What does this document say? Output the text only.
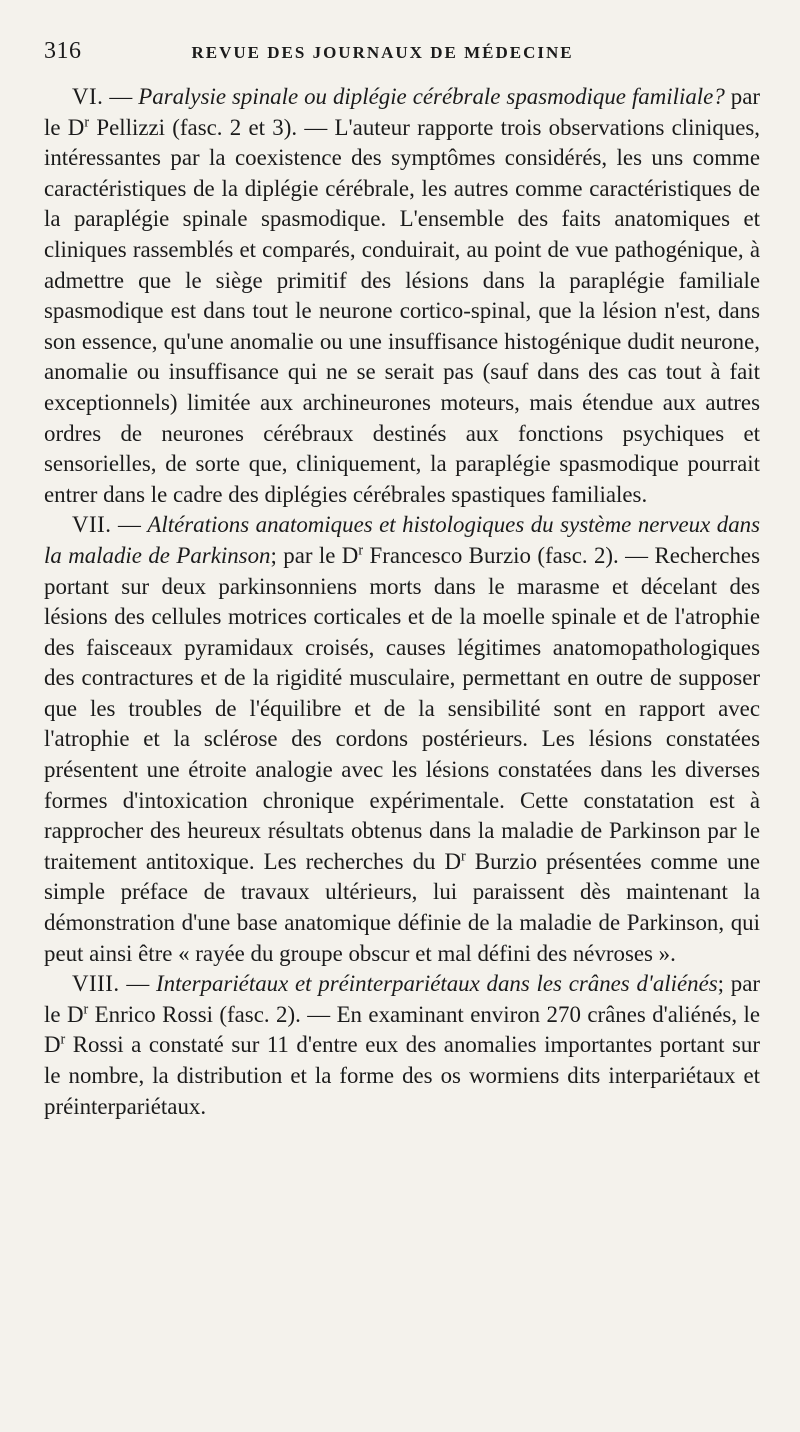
316	REVUE DES JOURNAUX DE MÉDECINE

VI. — Paralysie spinale ou diplégie cérébrale spasmodique familiale? par le $D^r$ Pellizzi (fasc. 2 et 3). — L'auteur rapporte trois observations cliniques, intéressantes par la coexistence des symptômes considérés, les uns comme caractéristiques de la diplégie cérébrale, les autres comme caractéristiques de la paraplégie spinale spasmodique. L'ensemble des faits anatomiques et cliniques rassemblés et comparés, conduirait, au point de vue pathogénique, à admettre que le siège primitif des lésions dans la paraplégie familiale spasmodique est dans tout le neurone cortico-spinal, que la lésion n'est, dans son essence, qu'une anomalie ou une insuffisance histogénique dudit neurone, anomalie ou insuffisance qui ne se serait pas (sauf dans des cas tout à fait exceptionnels) limitée aux archineurones moteurs, mais étendue aux autres ordres de neurones cérébraux destinés aux fonctions psychiques et sensorielles, de sorte que, cliniquement, la paraplégie spasmodique pourrait entrer dans le cadre des diplégies cérébrales spastiques familiales.

VII. — Altérations anatomiques et histologiques du système nerveux dans la maladie de Parkinson; par le $D^r$ Francesco Burzio (fasc. 2). — Recherches portant sur deux parkinsonniens morts dans le marasme et décelant des lésions des cellules motrices corticales et de la moelle spinale et de l'atrophie des faisceaux pyramidaux croisés, causes légitimes anatomopathologiques des contractures et de la rigidité musculaire, permettant en outre de supposer que les troubles de l'équilibre et de la sensibilité sont en rapport avec l'atrophie et la sclérose des cordons postérieurs. Les lésions constatées présentent une étroite analogie avec les lésions constatées dans les diverses formes d'intoxication chronique expérimentale. Cette constatation est à rapprocher des heureux résultats obtenus dans la maladie de Parkinson par le traitement antitoxique. Les recherches du $D^r$ Burzio présentées comme une simple préface de travaux ultérieurs, lui paraissent dès maintenant la démonstration d'une base anatomique définie de la maladie de Parkinson, qui peut ainsi être « rayée du groupe obscur et mal défini des névroses ».

VIII. — Interpariétaux et préinterpariétaux dans les crânes d'aliénés; par le $D^r$ Enrico Rossi (fasc. 2). — En examinant environ 270 crânes d'aliénés, le $D^r$ Rossi a constaté sur 11 d'entre eux des anomalies importantes portant sur le nombre, la distribution et la forme des os wormiens dits interpariétaux et préinterpariétaux.
